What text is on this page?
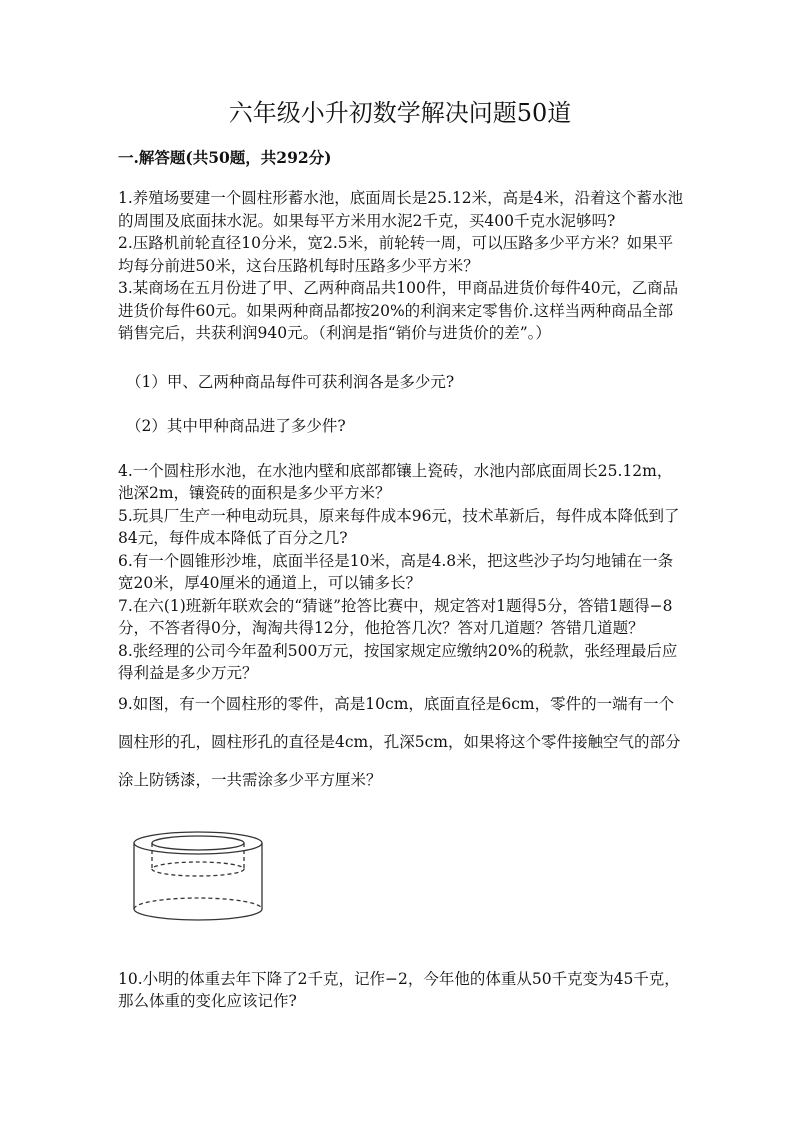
六年级小升初数学解决问题50道
一.解答题(共50题，共292分)

1.养殖场要建一个圆柱形蓄水池，底面周长是25.12米，高是4米，沿着这个蓄水池的周围及底面抹水泥。如果每平方米用水泥2千克，买400千克水泥够吗?

2.压路机前轮直径10分米，宽2.5米，前轮转一周，可以压路多少平方米？如果平均每分前进50米，这台压路机每时压路多少平方米？

3.某商场在五月份进了甲、乙两种商品共100件，甲商品进货价每件40元，乙商品进货价每件60元。如果两种商品都按20%的利润来定零售价.这样当两种商品全部销售完后，共获利润940元。（利润是指“销价与进货价的差”。）

（1）甲、乙两种商品每件可获利润各是多少元?

（2）其中甲种商品进了多少件?

4.一个圆柱形水池，在水池内壁和底部都镶上瓷砖，水池内部底面周长25.12m，池深2m，镶瓷砖的面积是多少平方米？

5.玩具厂生产一种电动玩具，原来每件成本96元，技术革新后，每件成本降低到了84元，每件成本降低了百分之几?

6.有一个圆锥形沙堆，底面半径是10米，高是4.8米，把这些沙子均匀地铺在一条宽20米，厚40厘米的通道上，可以铺多长？

7.在六(1)班新年联欢会的“猜谜”抢答比赛中，规定答对1题得5分，答错1题得−8分，不答者得0分，淘淘共得12分，他抢答几次？答对几道题？答错几道题？

8.张经理的公司今年盈利500万元，按国家规定应缴纳20%的税款，张经理最后应得利益是多少万元？

9.如图，有一个圆柱形的零件，高是10cm，底面直径是6cm，零件的一端有一个圆柱形的孔，圆柱形孔的直径是4cm，孔深5cm，如果将这个零件接触空气的部分涂上防锈漆，一共需涂多少平方厘米？

10.小明的体重去年下降了2千克，记作−2，今年他的体重从50千克变为45千克，那么体重的变化应该记作?
